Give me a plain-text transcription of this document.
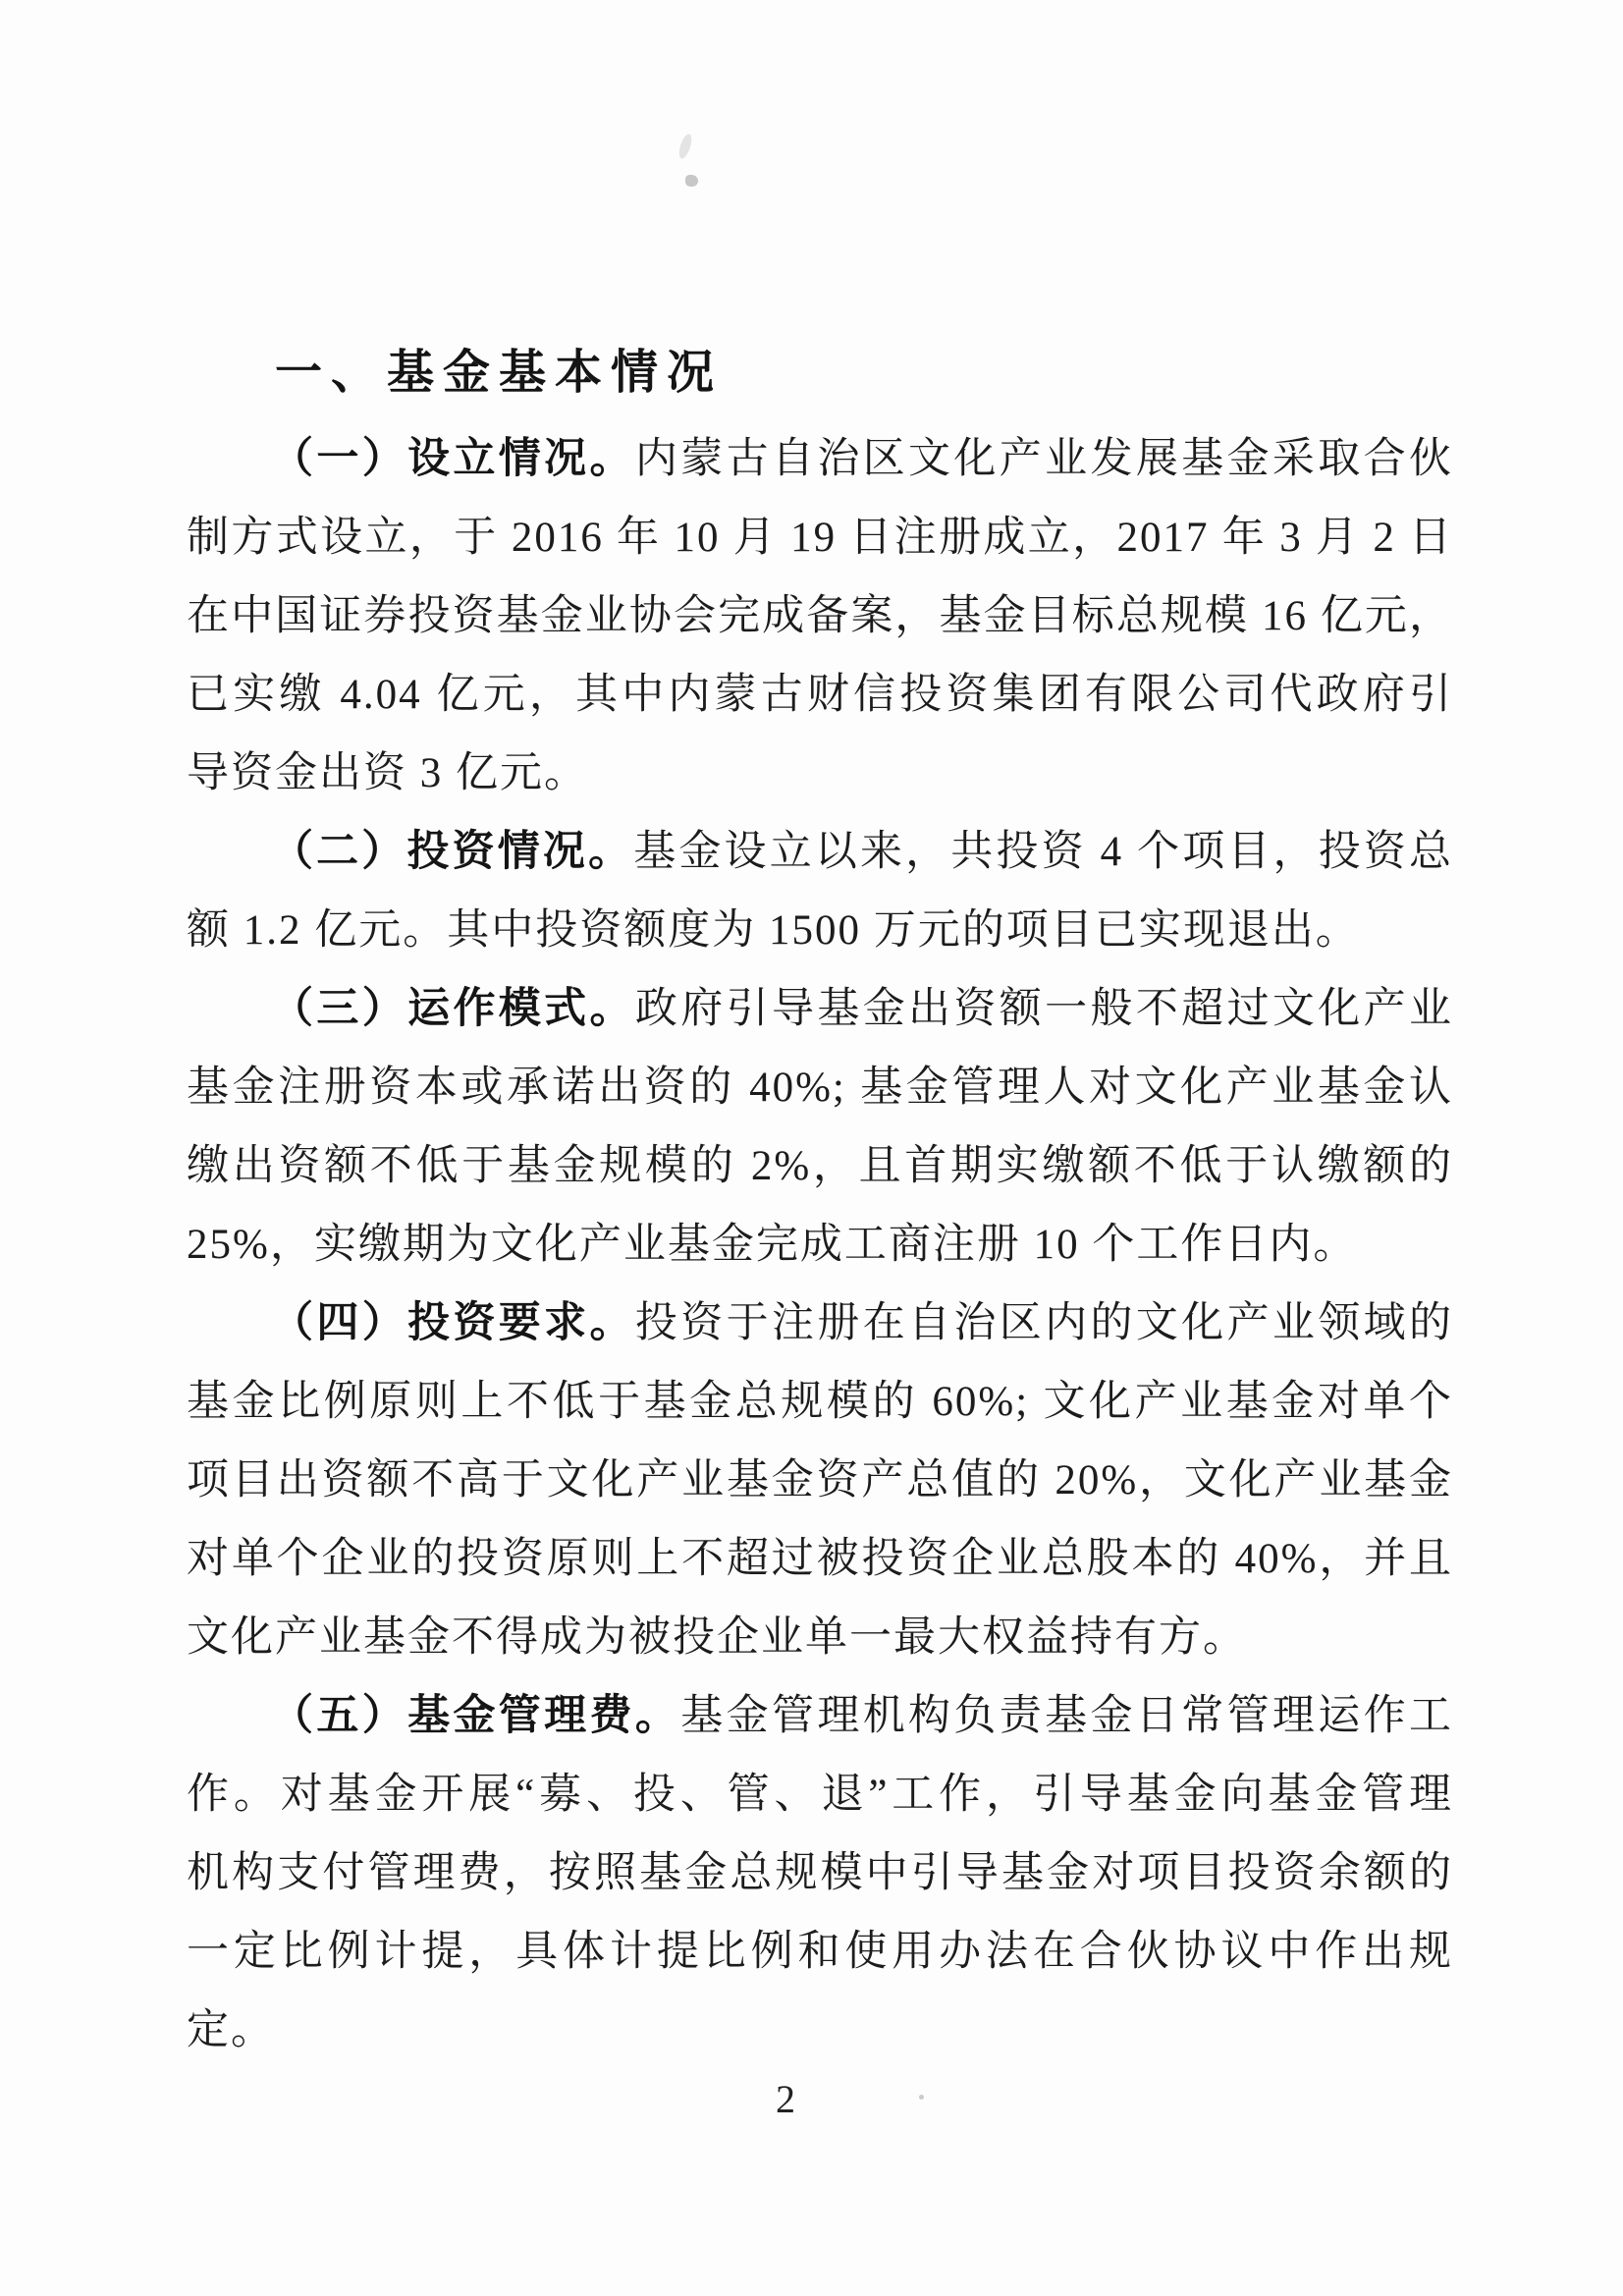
一、基金基本情况
（一）设立情况。内蒙古自治区文化产业发展基金采取合伙
制方式设立，于 2016 年 10 月 19 日注册成立，2017 年 3 月 2 日
在中国证券投资基金业协会完成备案，基金目标总规模 16 亿元，
已实缴 4.04 亿元，其中内蒙古财信投资集团有限公司代政府引
导资金出资 3 亿元。
（二）投资情况。基金设立以来，共投资 4 个项目，投资总
额 1.2 亿元。其中投资额度为 1500 万元的项目已实现退出。
（三）运作模式。政府引导基金出资额一般不超过文化产业
基金注册资本或承诺出资的 40%; 基金管理人对文化产业基金认
缴出资额不低于基金规模的 2%，且首期实缴额不低于认缴额的
25%，实缴期为文化产业基金完成工商注册 10 个工作日内。
（四）投资要求。投资于注册在自治区内的文化产业领域的
基金比例原则上不低于基金总规模的 60%; 文化产业基金对单个
项目出资额不高于文化产业基金资产总值的 20%，文化产业基金
对单个企业的投资原则上不超过被投资企业总股本的 40%，并且
文化产业基金不得成为被投企业单一最大权益持有方。
（五）基金管理费。基金管理机构负责基金日常管理运作工
作。对基金开展“募、投、管、退”工作，引导基金向基金管理
机构支付管理费，按照基金总规模中引导基金对项目投资余额的
一定比例计提，具体计提比例和使用办法在合伙协议中作出规
定。
2
